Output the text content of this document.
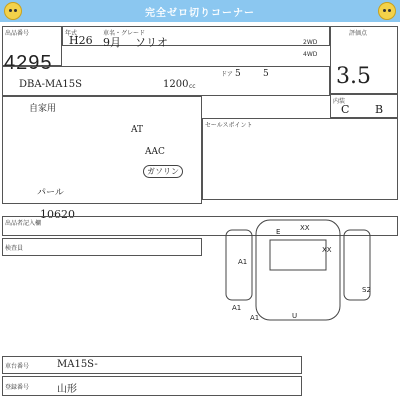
完全ゼロ切りコーナー
出品番号
4295
年式	車名・グレード
H26 9月 ソリオ
評価点
2WD
4WD
3.5
DBA-MA15S	1200 cc
ドア 5 5
内装
C B
自家用
AT
AAC
ガソリン
パール
10620
セールスポイント
出品者記入欄
検査員
車台番号	MA15S-
登録番号	山形
XX
XX
A1
A1
A1
S2
U
E
